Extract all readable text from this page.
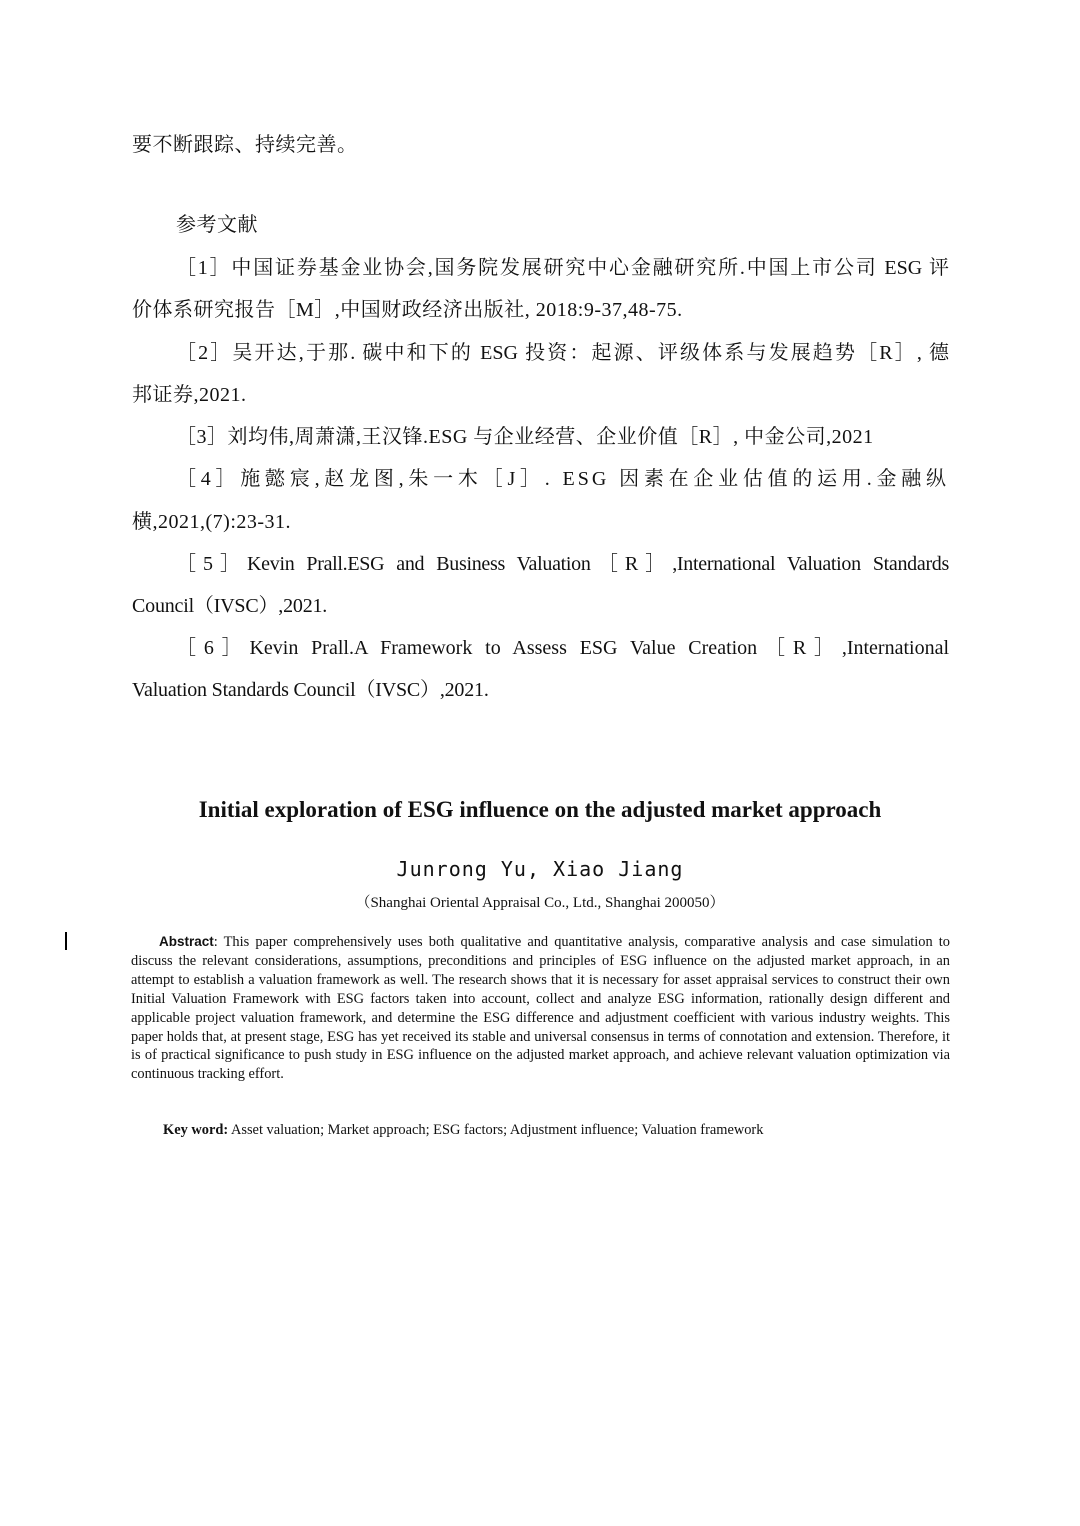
要不断跟踪、持续完善。
参考文献
［1］中国证券基金业协会,国务院发展研究中心金融研究所.中国上市公司 ESG 评
价体系研究报告［M］,中国财政经济出版社, 2018:9-37,48-75.
［2］吴开达,于那. 碳中和下的 ESG 投资：起源、评级体系与发展趋势［R］, 德
邦证券,2021.
［3］刘均伟,周萧潇,王汉锋.ESG 与企业经营、企业价值［R］, 中金公司,2021
［4］施懿宸,赵龙图,朱一木［J］. ESG 因素在企业估值的运用.金融纵
横,2021,(7):23-31.
［5］Kevin Prall.ESG and Business Valuation［R］,International Valuation Standards
Council（IVSC）,2021.
［6］Kevin Prall.A Framework to Assess ESG Value Creation［R］,International
Valuation Standards Council（IVSC）,2021.
Initial exploration of ESG influence on the adjusted market approach
Junrong Yu, Xiao Jiang
（Shanghai Oriental Appraisal Co., Ltd., Shanghai 200050）
Abstract: This paper comprehensively uses both qualitative and quantitative analysis, comparative analysis and case simulation to discuss the relevant considerations, assumptions, preconditions and principles of ESG influence on the adjusted market approach, in an attempt to establish a valuation framework as well. The research shows that it is necessary for asset appraisal services to construct their own Initial Valuation Framework with ESG factors taken into account, collect and analyze ESG information, rationally design different and applicable project valuation framework, and determine the ESG difference and adjustment coefficient with various industry weights. This paper holds that, at present stage, ESG has yet received its stable and universal consensus in terms of connotation and extension. Therefore, it is of practical significance to push study in ESG influence on the adjusted market approach, and achieve relevant valuation optimization via continuous tracking effort.
Key word: Asset valuation; Market approach; ESG factors; Adjustment influence; Valuation framework
